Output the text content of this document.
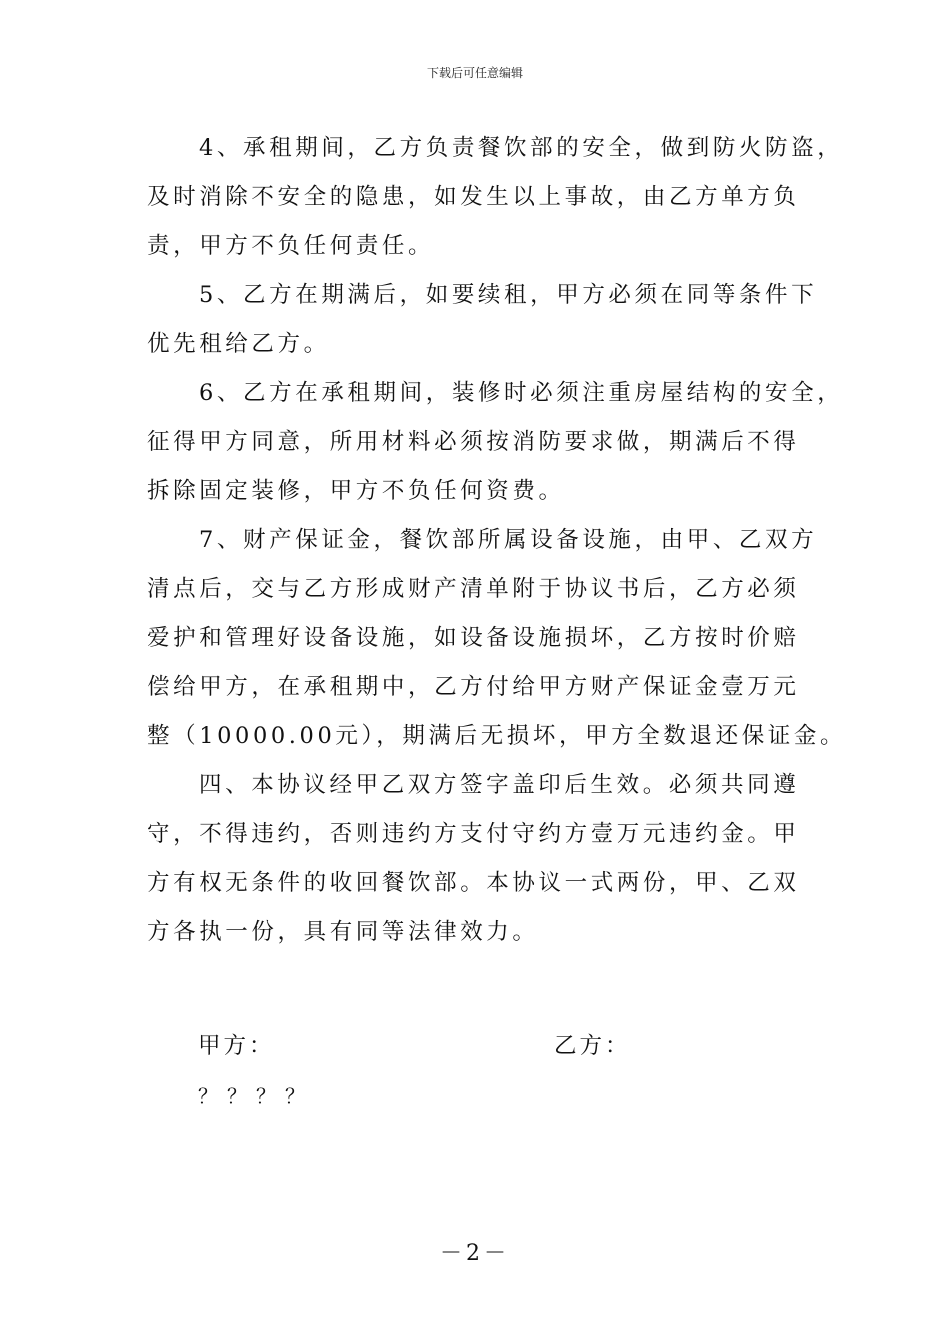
下载后可任意编辑
4、承租期间，乙方负责餐饮部的安全，做到防火防盗，
及时消除不安全的隐患，如发生以上事故，由乙方单方负
责，甲方不负任何责任。
5、乙方在期满后，如要续租，甲方必须在同等条件下
优先租给乙方。
6、乙方在承租期间，装修时必须注重房屋结构的安全，
征得甲方同意，所用材料必须按消防要求做，期满后不得
拆除固定装修，甲方不负任何资费。
7、财产保证金，餐饮部所属设备设施，由甲、乙双方
清点后，交与乙方形成财产清单附于协议书后，乙方必须
爱护和管理好设备设施，如设备设施损坏，乙方按时价赔
偿给甲方，在承租期中，乙方付给甲方财产保证金壹万元
整（10000.00元），期满后无损坏，甲方全数退还保证金。
四、本协议经甲乙双方签字盖印后生效。必须共同遵
守，不得违约，否则违约方支付守约方壹万元违约金。甲
方有权无条件的收回餐饮部。本协议一式两份，甲、乙双
方各执一份，具有同等法律效力。
甲方：	乙方：
？？？？
－2－
